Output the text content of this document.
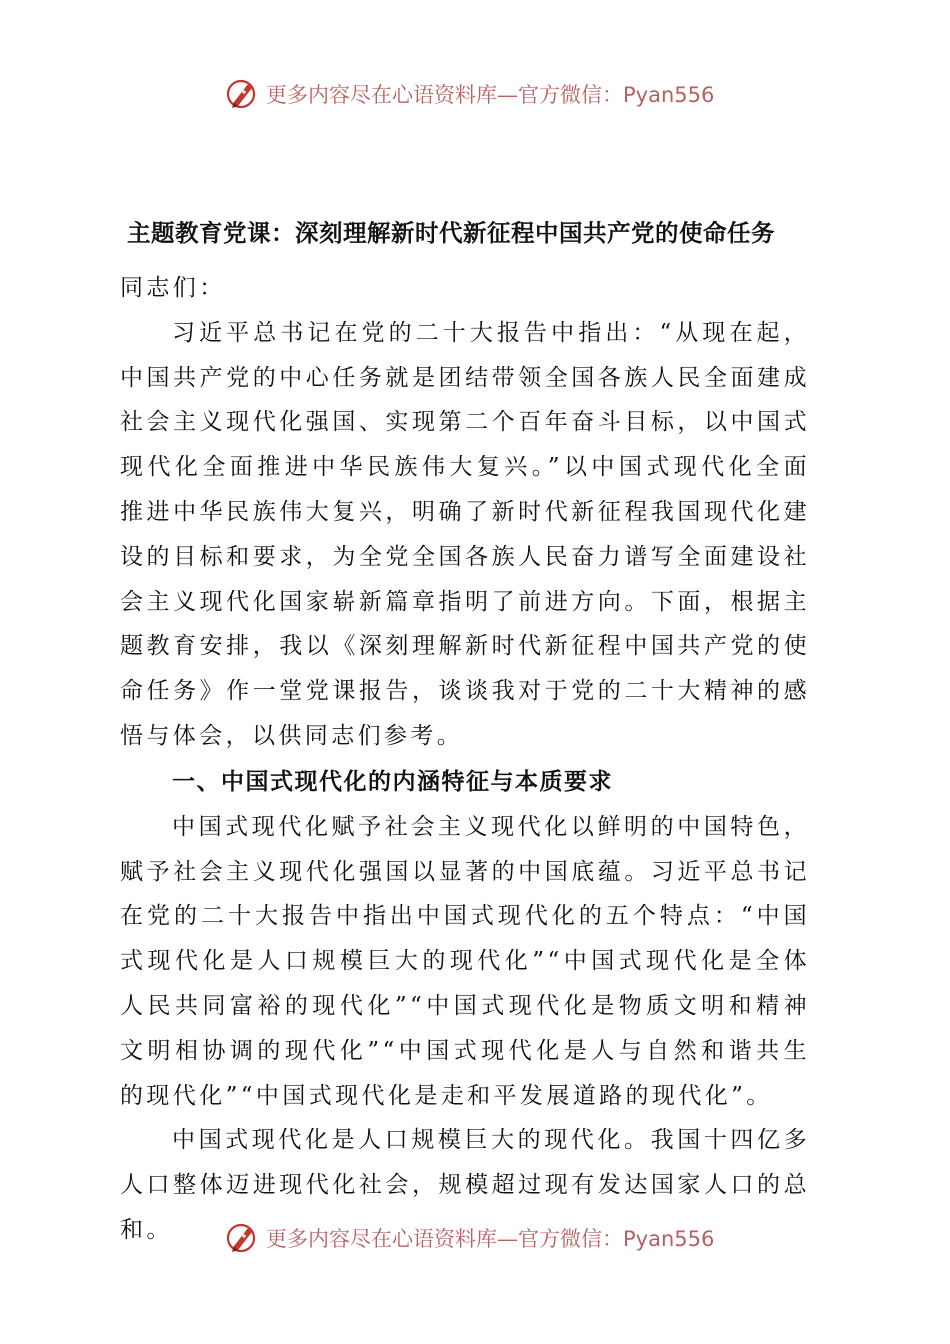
更多内容尽在心语资料库—官方微信：Pyan556
主题教育党课：深刻理解新时代新征程中国共产党的使命任务

同志们：

习近平总书记在党的二十大报告中指出：“从现在起，中国共产党的中心任务就是团结带领全国各族人民全面建成社会主义现代化强国、实现第二个百年奋斗目标，以中国式现代化全面推进中华民族伟大复兴。”以中国式现代化全面推进中华民族伟大复兴，明确了新时代新征程我国现代化建设的目标和要求，为全党全国各族人民奋力谱写全面建设社会主义现代化国家崭新篇章指明了前进方向。下面，根据主题教育安排，我以《深刻理解新时代新征程中国共产党的使命任务》作一堂党课报告，谈谈我对于党的二十大精神的感悟与体会，以供同志们参考。

一、中国式现代化的内涵特征与本质要求

中国式现代化赋予社会主义现代化以鲜明的中国特色，赋予社会主义现代化强国以显著的中国底蕴。习近平总书记在党的二十大报告中指出中国式现代化的五个特点：“中国式现代化是人口规模巨大的现代化”“中国式现代化是全体人民共同富裕的现代化”“中国式现代化是物质文明和精神文明相协调的现代化”“中国式现代化是人与自然和谐共生的现代化”“中国式现代化是走和平发展道路的现代化”。

中国式现代化是人口规模巨大的现代化。我国十四亿多人口整体迈进现代化社会，规模超过现有发达国家人口的总和。	更多内容尽在心语资料库—官方微信：Pyan556
